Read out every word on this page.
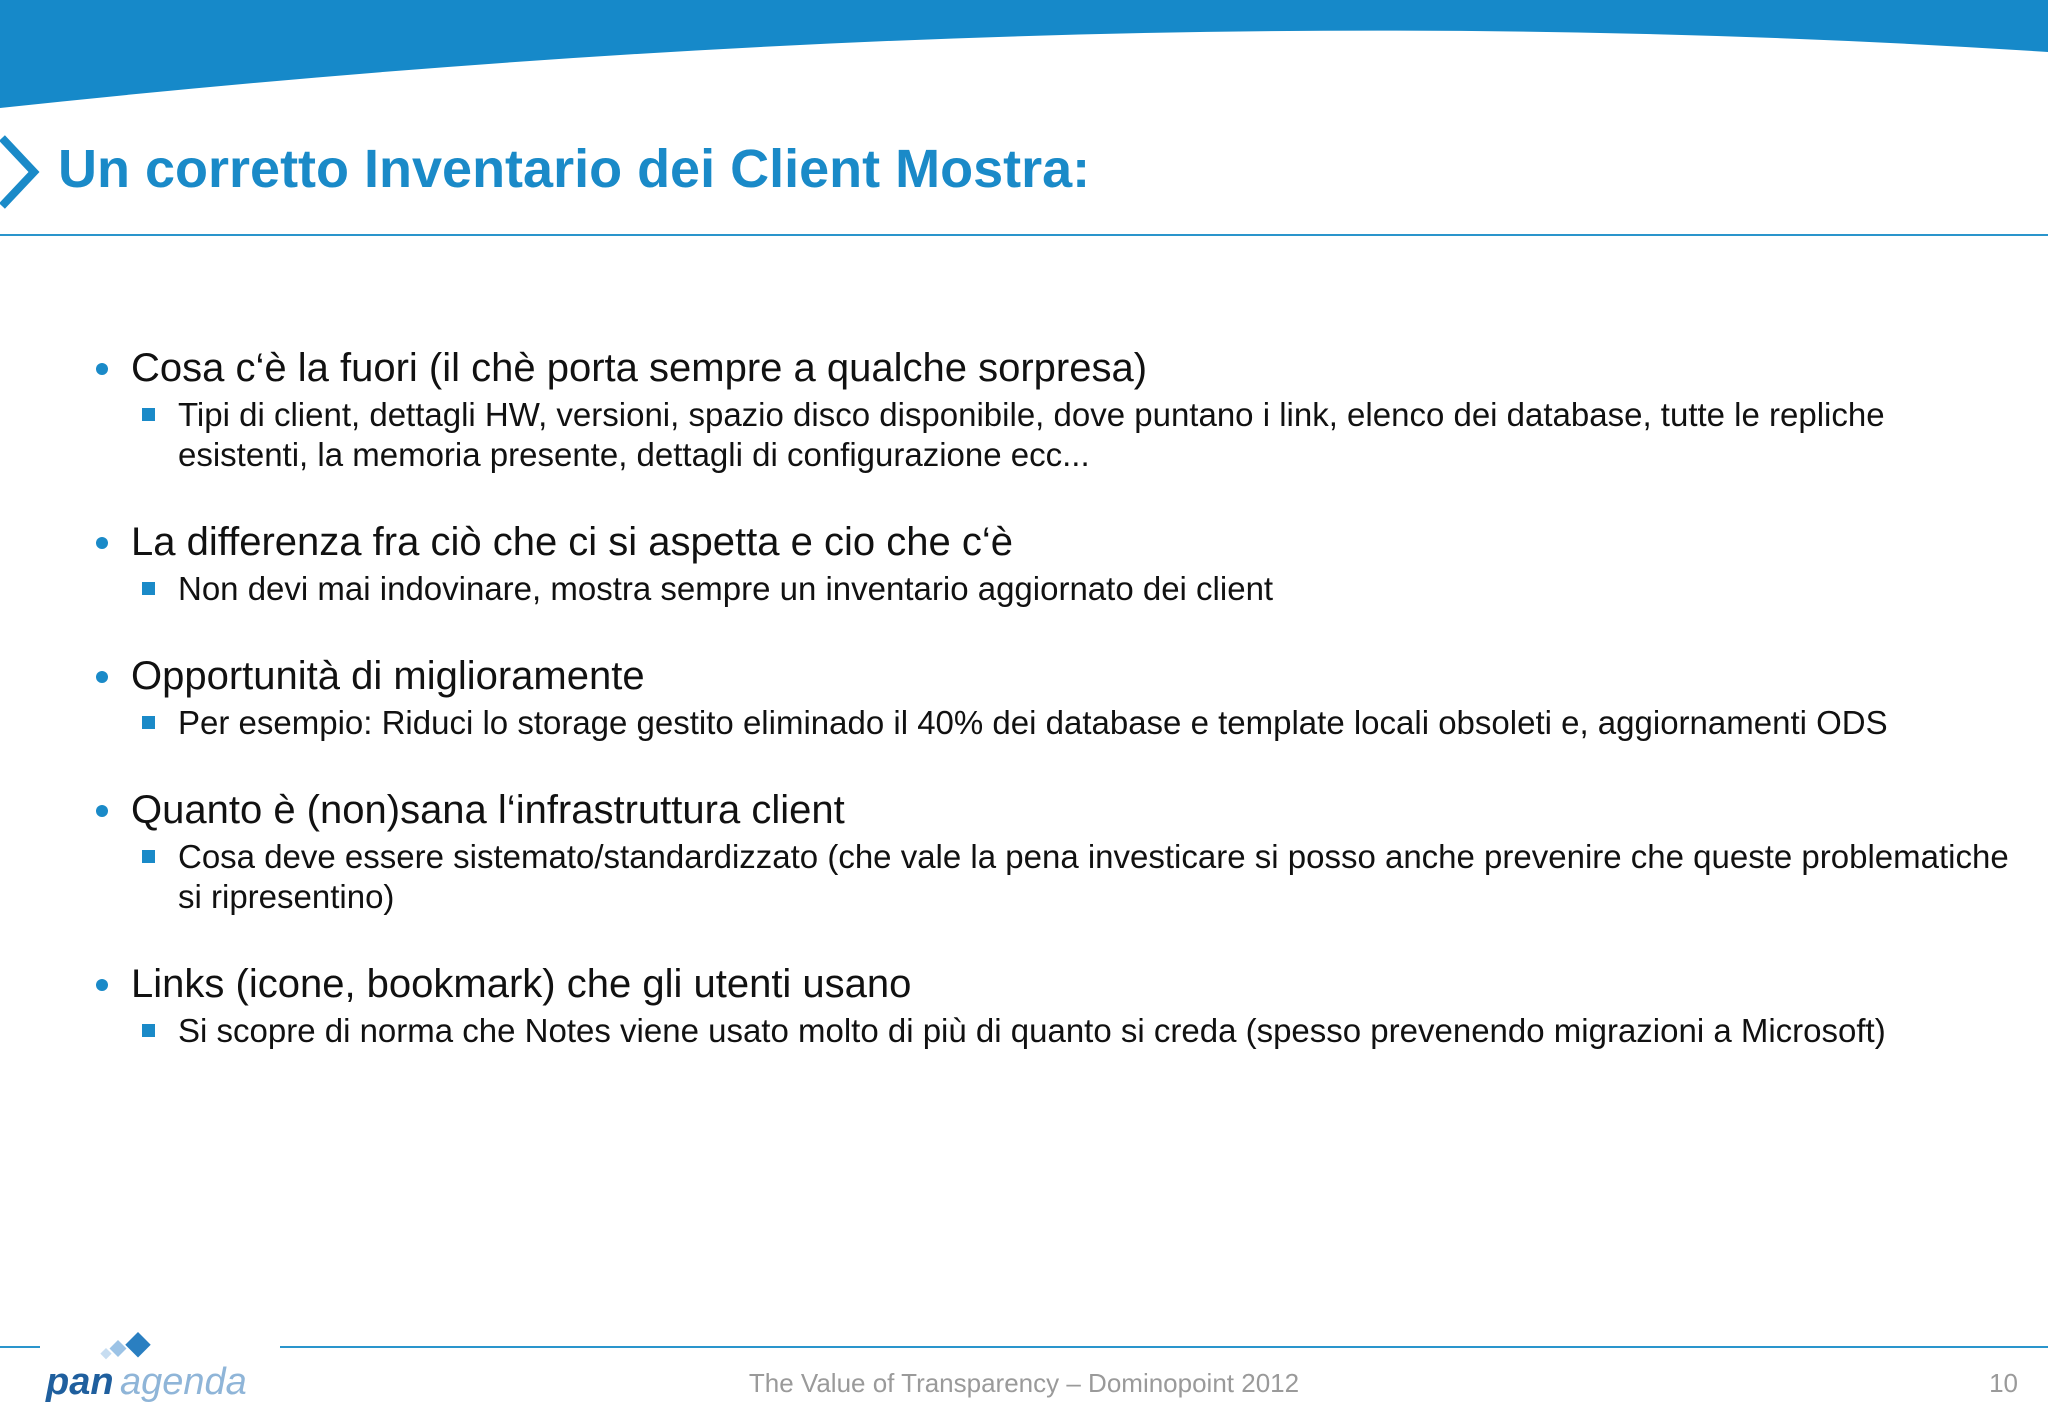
Un corretto Inventario dei Client Mostra:
Cosa c‘è la fuori (il chè porta sempre a qualche sorpresa)
Tipi di client, dettagli HW, versioni, spazio disco disponibile, dove puntano i link, elenco dei database, tutte le repliche esistenti, la memoria presente, dettagli di configurazione ecc...
La differenza fra ciò che ci si aspetta e cio che c‘è
Non devi mai indovinare, mostra sempre un inventario aggiornato dei client
Opportunità di miglioramente
Per esempio: Riduci lo storage gestito eliminado il 40% dei database e template locali obsoleti e, aggiornamenti ODS
Quanto è (non)sana l‘infrastruttura client
Cosa deve essere sistemato/standardizzato (che vale la pena investicare si posso anche prevenire che queste problematiche si ripresentino)
Links (icone, bookmark) che gli utenti usano
Si scopre di norma che Notes viene usato molto di più di quanto si creda (spesso prevenendo migrazioni a Microsoft)
pan agenda	The Value of Transparency – Dominopoint 2012	10
